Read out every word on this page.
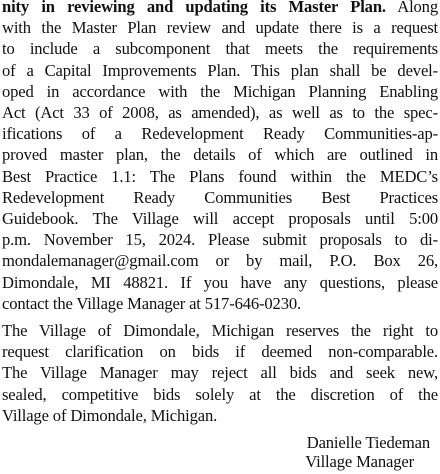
nity in reviewing and updating its Master Plan. Along
with the Master Plan review and update there is a request
to include a subcomponent that meets the requirements
of a Capital Improvements Plan. This plan shall be devel-
oped in accordance with the Michigan Planning Enabling
Act (Act 33 of 2008, as amended), as well as to the spec-
ifications of a Redevelopment Ready Communities-ap-
proved master plan, the details of which are outlined in
Best Practice 1.1: The Plans found within the MEDC’s
Redevelopment Ready Communities Best Practices
Guidebook. The Village will accept proposals until 5:00
p.m. November 15, 2024. Please submit proposals to di-
mondalemanager@gmail.com or by mail, P.O. Box 26,
Dimondale, MI 48821. If you have any questions, please
contact the Village Manager at 517-646-0230.

The Village of Dimondale, Michigan reserves the right to
request clarification on bids if deemed non-comparable.
The Village Manager may reject all bids and seek new,
sealed, competitive bids solely at the discretion of the
Village of Dimondale, Michigan.

Danielle Tiedeman
Village Manager
